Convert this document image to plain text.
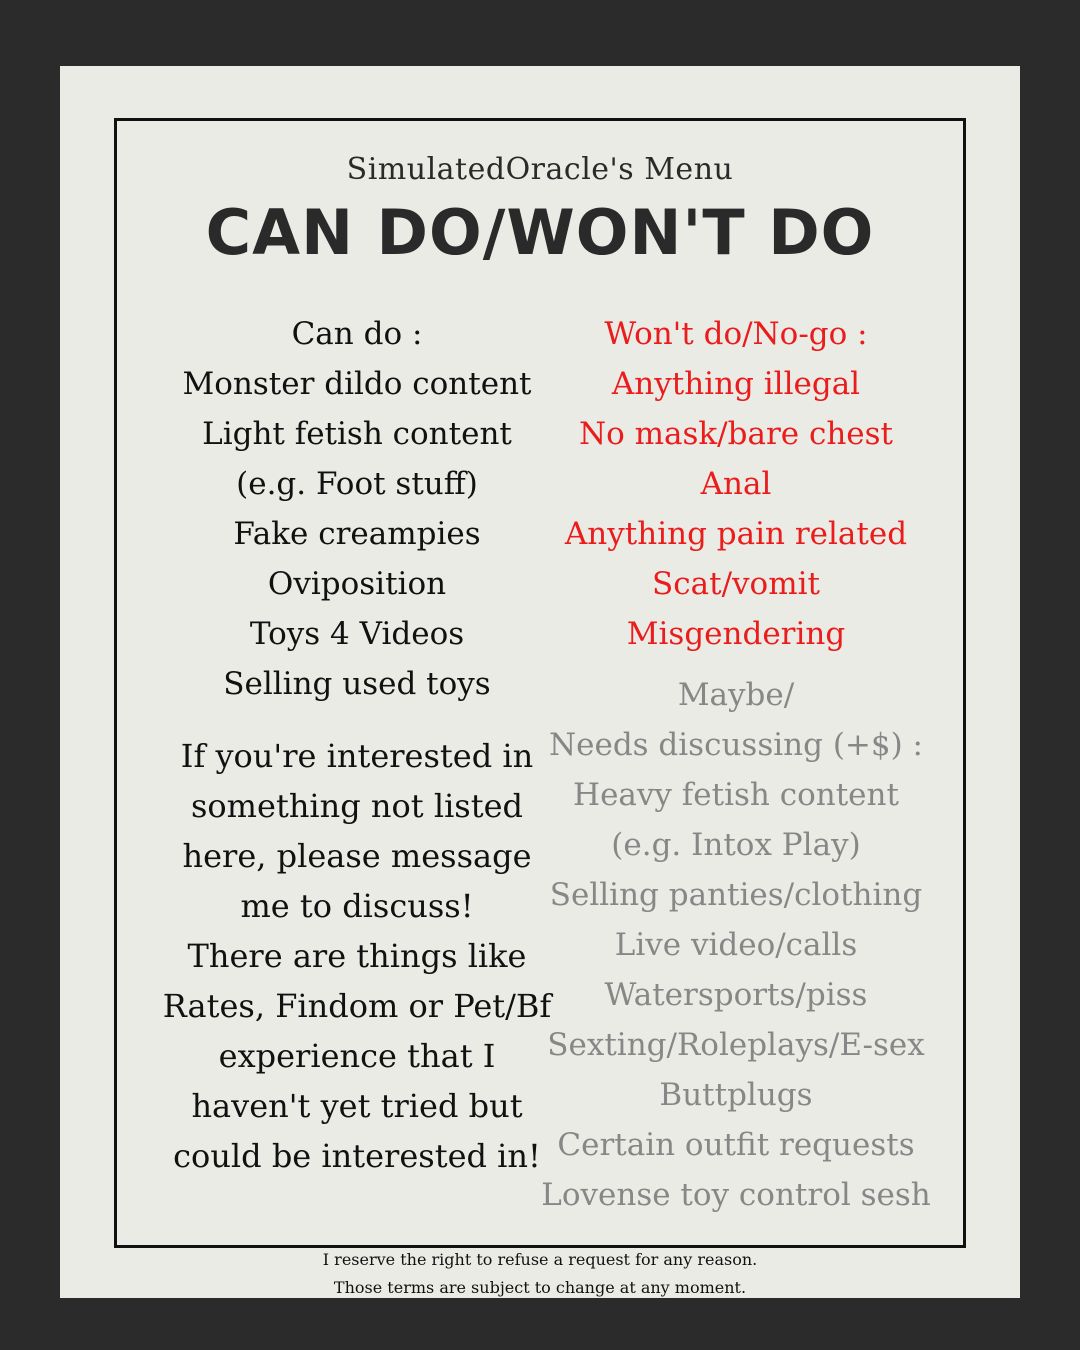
SimulatedOracle's Menu
CAN DO/WON'T DO
Can do :
Monster dildo content
Light fetish content
(e.g. Foot stuff)
Fake creampies
Oviposition
Toys 4 Videos
Selling used toys
If you're interested in
something not listed
here, please message
me to discuss!
There are things like
Rates, Findom or Pet/Bf
experience that I
haven't yet tried but
could be interested in!
Won't do/No-go :
Anything illegal
No mask/bare chest
Anal
Anything pain related
Scat/vomit
Misgendering
Maybe/
Needs discussing (+$) :
Heavy fetish content
(e.g. Intox Play)
Selling panties/clothing
Live video/calls
Watersports/piss
Sexting/Roleplays/E-sex
Buttplugs
Certain outfit requests
Lovense toy control sesh
I reserve the right to refuse a request for any reason.
Those terms are subject to change at any moment.
